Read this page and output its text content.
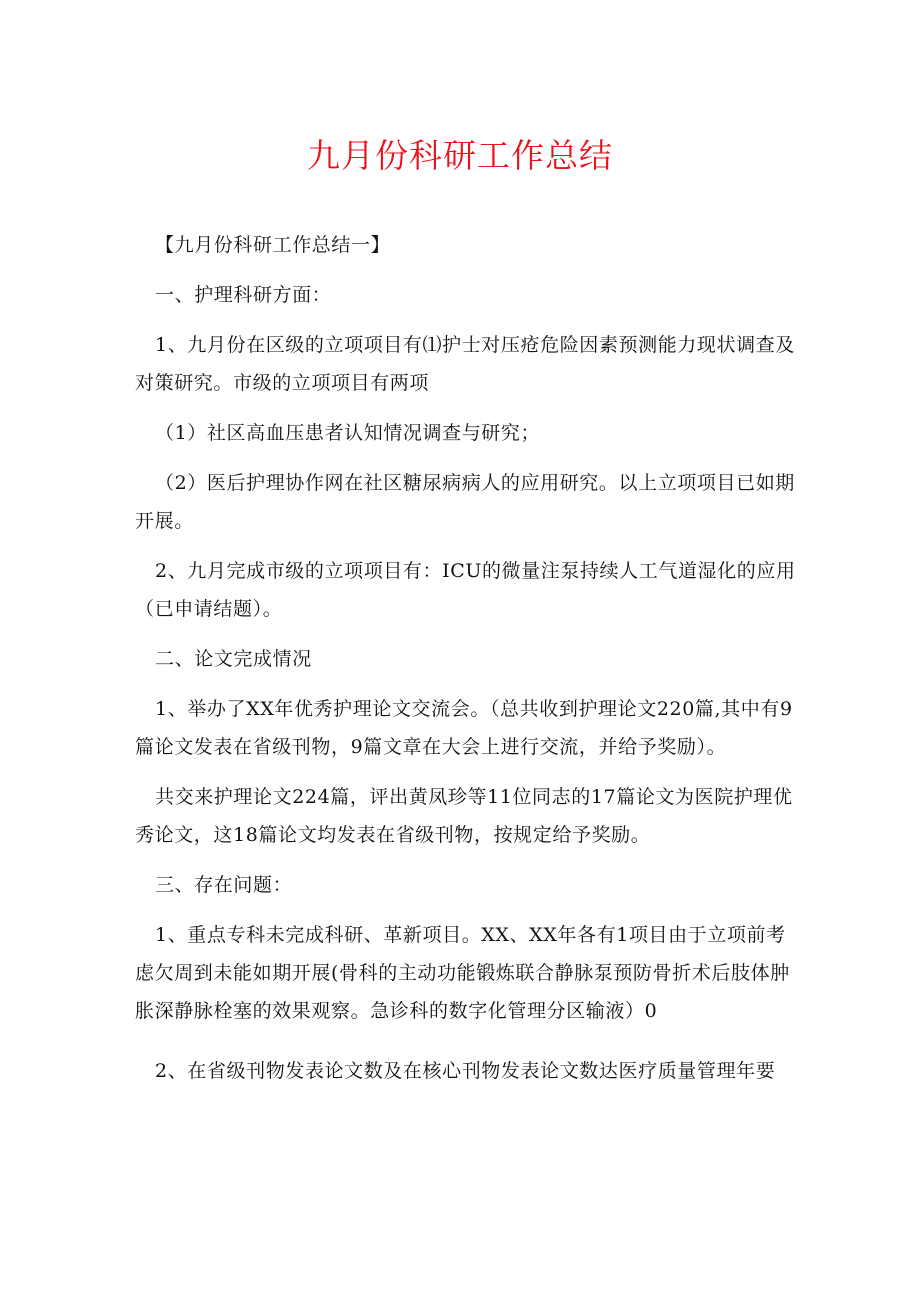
九月份科研工作总结

【九月份科研工作总结一】

一、护理科研方面：

1、九月份在区级的立项项目有⑴护士对压疮危险因素预测能力现状调查及对策研究。市级的立项项目有两项

（1）社区高血压患者认知情况调查与研究；

（2）医后护理协作网在社区糖尿病病人的应用研究。以上立项项目已如期开展。

2、九月完成市级的立项项目有：ICU的微量注泵持续人工气道湿化的应用（已申请结题）。

二、论文完成情况

1、举办了XX年优秀护理论文交流会。（总共收到护理论文220篇,其中有9篇论文发表在省级刊物，9篇文章在大会上进行交流，并给予奖励）。

共交来护理论文224篇，评出黄凤珍等11位同志的17篇论文为医院护理优秀论文，这18篇论文均发表在省级刊物，按规定给予奖励。

三、存在问题：

1、重点专科未完成科研、革新项目。XX、XX年各有1项目由于立项前考虑欠周到未能如期开展(骨科的主动功能锻炼联合静脉泵预防骨折术后肢体肿胀深静脉栓塞的效果观察。急诊科的数字化管理分区输液）0

2、在省级刊物发表论文数及在核心刊物发表论文数达医疗质量管理年要
